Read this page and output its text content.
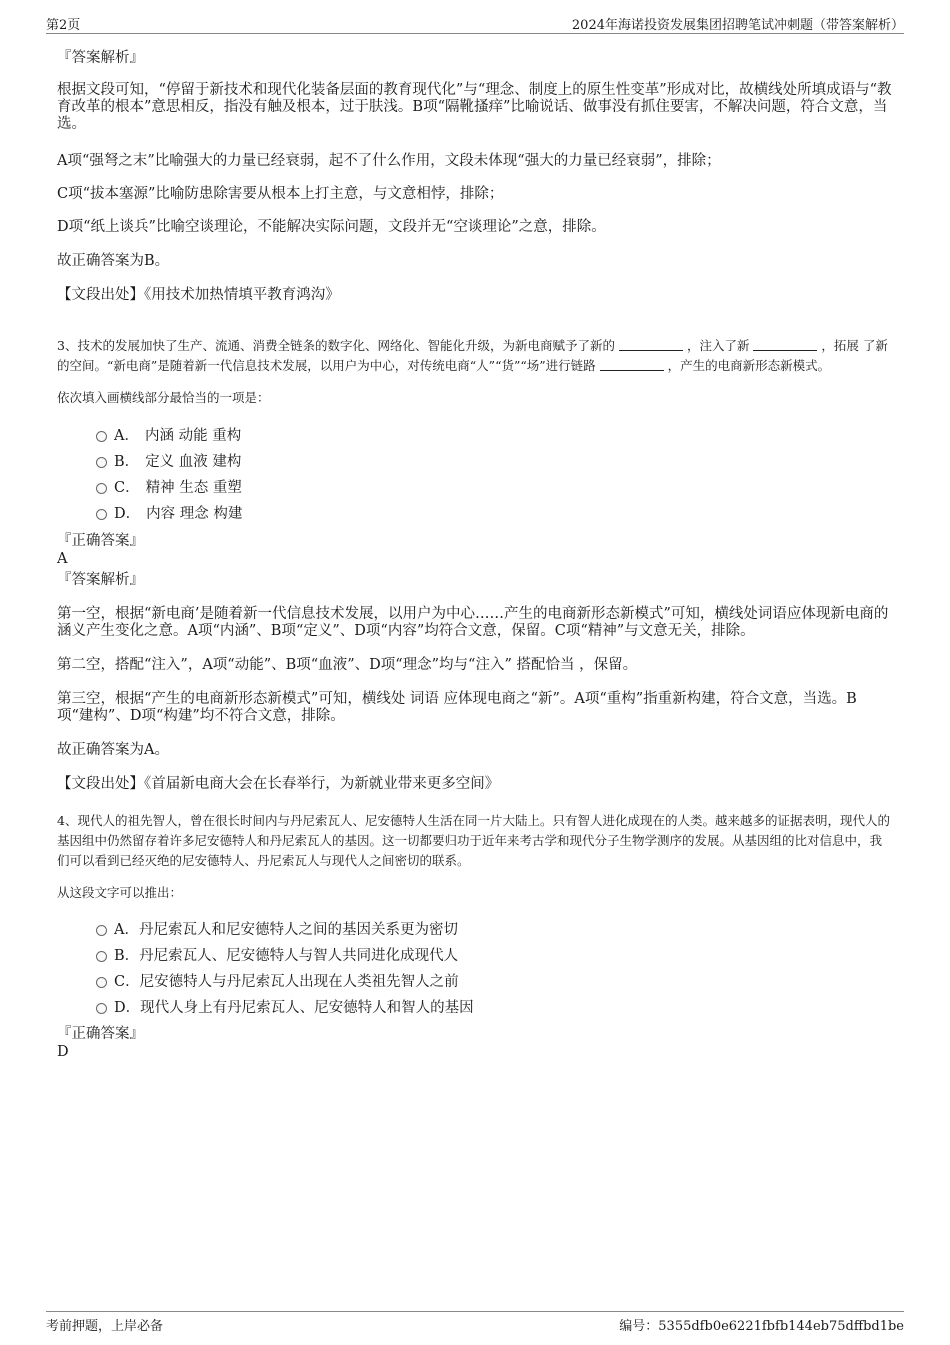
第2页	2024年海诺投资发展集团招聘笔试冲刺题（带答案解析）
『答案解析』
根据文段可知，“停留于新技术和现代化装备层面的教育现代化”与“理念、制度上的原生性变革”形成对比，故横线处所填成语与“教育改革的根本”意思相反，指没有触及根本，过于肤浅。B项“隔靴搔痒”比喻说话、做事没有抓住要害，不解决问题，符合文意，当选。
A项“强弩之末”比喻强大的力量已经衰弱，起不了什么作用，文段未体现“强大的力量已经衰弱”，排除；
C项“拔本塞源”比喻防患除害要从根本上打主意，与文意相悖，排除；
D项“纸上谈兵”比喻空谈理论，不能解决实际问题，文段并无“空谈理论”之意，排除。
故正确答案为B。
【文段出处】《用技术加热情填平教育鸿沟》
3、技术的发展加快了生产、流通、消费全链条的数字化、网络化、智能化升级，为新电商赋予了新的	，注入了新	，拓展 了新的空间。“新电商”是随着新一代信息技术发展，以用户为中心，对传统电商“人”“货”“场”进行链路	，产生的电商新形态新模式。
依次填入画横线部分最恰当的一项是：
A． 内涵 动能 重构
B． 定义 血液 建构
C． 精神 生态 重塑
D． 内容 理念 构建
『正确答案』
A
『答案解析』
第一空，根据“新电商’是随着新一代信息技术发展，以用户为中心……产生的电商新形态新模式”可知，横线处词语应体现新电商的涵义产生变化之意。A项“内涵”、B项“定义”、D项“内容”均符合文意，保留。C项“精神”与文意无关，排除。
第二空，搭配“注入”，A项“动能”、B项“血液”、D项“理念”均与“注入” 搭配恰当 ，保留。
第三空，根据“产生的电商新形态新模式”可知，横线处 词语 应体现电商之“新”。A项“重构”指重新构建，符合文意，当选。B项“建构”、D项“构建”均不符合文意，排除。
故正确答案为A。
【文段出处】《首届新电商大会在长春举行，为新就业带来更多空间》
4、现代人的祖先智人，曾在很长时间内与丹尼索瓦人、尼安德特人生活在同一片大陆上。只有智人进化成现在的人类。越来越多的证据表明，现代人的基因组中仍然留存着许多尼安德特人和丹尼索瓦人的基因。这一切都要归功于近年来考古学和现代分子生物学测序的发展。从基因组的比对信息中，我们可以看到已经灭绝的尼安德特人、丹尼索瓦人与现代人之间密切的联系。
从这段文字可以推出：
A．丹尼索瓦人和尼安德特人之间的基因关系更为密切
B．丹尼索瓦人、尼安德特人与智人共同进化成现代人
C．尼安德特人与丹尼索瓦人出现在人类祖先智人之前
D．现代人身上有丹尼索瓦人、尼安德特人和智人的基因
『正确答案』
D
考前押题，上岸必备	编号：5355dfb0e6221fbfb144eb75dffbd1be
